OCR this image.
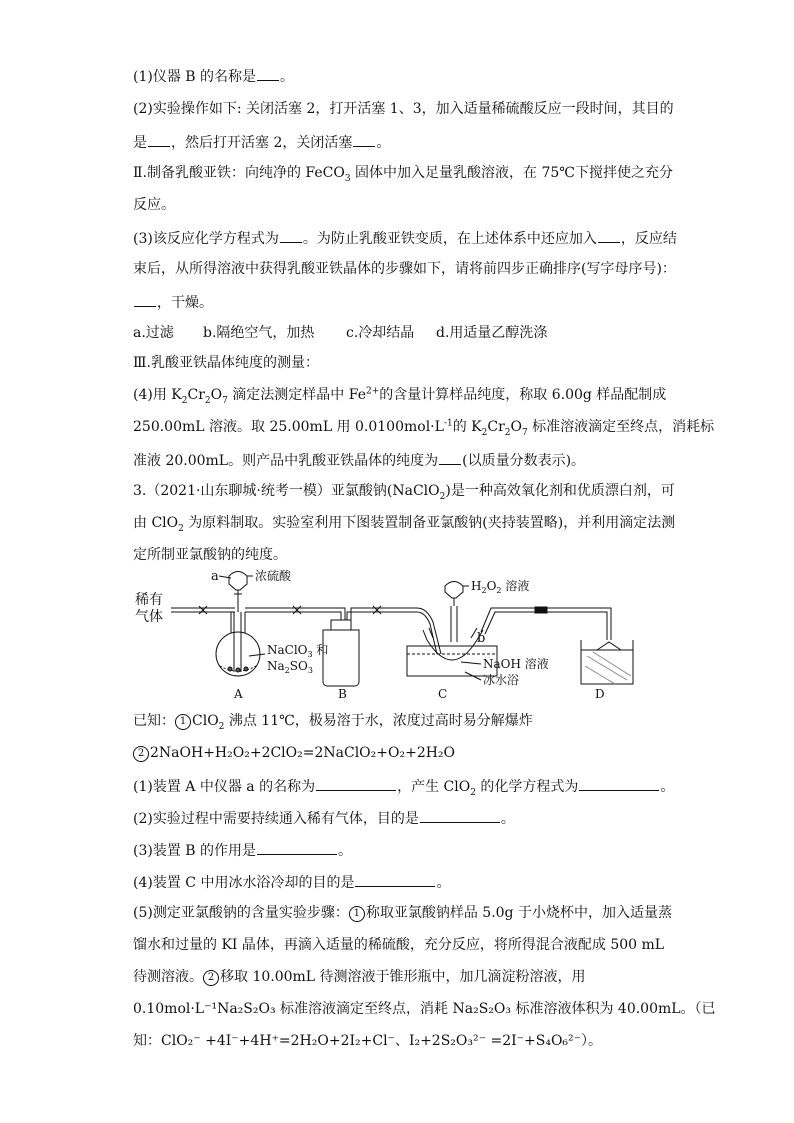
(1)仪器 B 的名称是 。
(2)实验操作如下: 关闭活塞 2，打开活塞 1、3，加入适量稀硫酸反应一段时间，其目的
是 ，然后打开活塞 2，关闭活塞 。
Ⅱ.制备乳酸亚铁：向纯净的 FeCO$_3$ 固体中加入足量乳酸溶液，在 75℃下搅拌使之充分
反应。
(3)该反应化学方程式为 。为防止乳酸亚铁变质，在上述体系中还应加入 ，反应结
束后，从所得溶液中获得乳酸亚铁晶体的步骤如下，请将前四步正确排序(写字母序号)：
，干燥。
a.过滤 b.隔绝空气，加热 c.冷却结晶 d.用适量乙醇洗涤
Ⅲ.乳酸亚铁晶体纯度的测量：
(4)用 $K_2Cr_2O_7$ 滴定法测定样晶中 $Fe^{2+}$的含量计算样品纯度，称取 6.00g 样品配制成
250.00mL 溶液。取 25.00mL 用 $0.0100mol\cdot L^{-1}$的 $K_2Cr_2O_7$ 标准溶液滴定至终点，消耗标
准液 20.00mL。则产品中乳酸亚铁晶体的纯度为 (以质量分数表示)。
3.（2021·山东聊城·统考一模）亚氯酸钠(NaClO$_2$)是一种高效氧化剂和优质漂白剂，可
由 ClO$_2$ 为原料制取。实验室利用下图装置制备亚氯酸钠(夹持装置略)，并利用滴定法测
定所制亚氯酸钠的纯度。
稀有
气体
a	浓硫酸
NaClO$_3$ 和
$Na_2SO_3$
A	B
$H_2O_2$ 溶液
b
NaOH 溶液
冰水浴
C	D
已知： 1 ClO$_2$ 沸点 11℃，极易溶于水，浓度过高时易分解爆炸
2 2NaOH+H₂O₂+2ClO₂=2NaClO₂+O₂+2H₂O
(1)装置 A 中仪器 a 的名称为	，产生 ClO$_2$ 的化学方程式为	。
(2)实验过程中需要持续通入稀有气体，目的是	。
(3)装置 B 的作用是	。
(4)装置 C 中用冰水浴冷却的目的是	。
(5)测定亚氯酸钠的含量实验步骤： 1 称取亚氯酸钠样品 5.0g 于小烧杯中，加入适量蒸
馏水和过量的 KI 晶体，再滴入适量的稀硫酸，充分反应，将所得混合液配成 500 mL
待测溶液。 2 移取 10.00mL 待测溶液于锥形瓶中，加几滴淀粉溶液，用
0.10mol·L⁻¹Na₂S₂O₃ 标准溶液滴定至终点，消耗 Na₂S₂O₃ 标准溶液体积为 40.00mL。（已
知：ClO₂⁻ +4I⁻+4H⁺=2H₂O+2I₂+Cl⁻、I₂+2S₂O₃²⁻ =2I⁻+S₄O₆²⁻）。
